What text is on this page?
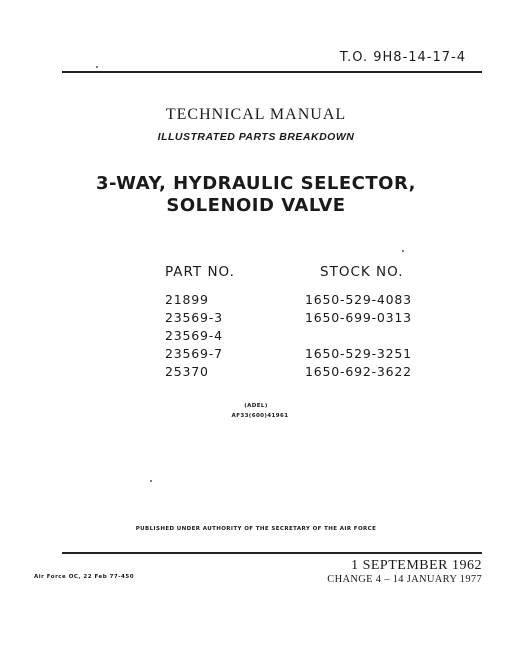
T.O. 9H8-14-17-4
TECHNICAL MANUAL
ILLUSTRATED PARTS BREAKDOWN
3-WAY, HYDRAULIC SELECTOR,
SOLENOID VALVE
PART NO.	STOCK NO.
21899	1650-529-4083
23569-3	1650-699-0313
23569-4
23569-7	1650-529-3251
25370	1650-692-3622
(ADEL)
AF33(600)41961
PUBLISHED UNDER AUTHORITY OF THE SECRETARY OF THE AIR FORCE
1 SEPTEMBER 1962
CHANGE 4 – 14 JANUARY 1977
Air Force OC, 22 Feb 77-450
